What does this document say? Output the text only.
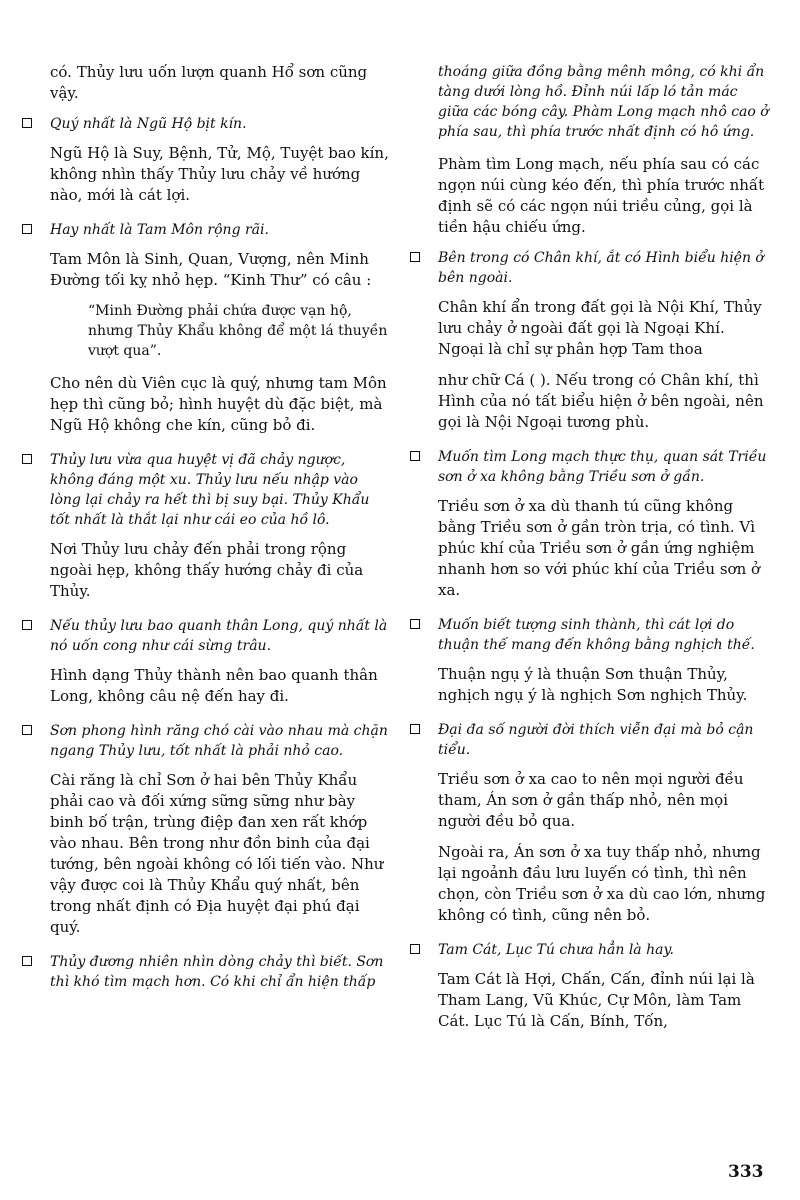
có. Thủy lưu uốn lượn quanh Hổ sơn cũng vậy.

Quý nhất là Ngũ Hộ bịt kín.

Ngũ Hộ là Suy, Bệnh, Tử, Mộ, Tuyệt bao kín, không nhìn thấy Thủy lưu chảy về hướng nào, mới là cát lợi.

Hay nhất là Tam Môn rộng rãi.

Tam Môn là Sinh, Quan, Vượng, nên Minh Đường tối kỵ nhỏ hẹp. “Kinh Thư” có câu :

“Minh Đường phải chứa được vạn hộ, nhưng Thủy Khẩu không để một lá thuyền vượt qua”.

Cho nên dù Viên cục là quý, nhưng tam Môn hẹp thì cũng bỏ; hình huyệt dù đặc biệt, mà Ngũ Hộ không che kín, cũng bỏ đi.

Thủy lưu vừa qua huyệt vị đã chảy ngược, không đáng một xu. Thủy lưu nếu nhập vào lòng lại chảy ra hết thì bị suy bại. Thủy Khẩu tốt nhất là thắt lại như cái eo của hồ lô.

Nơi Thủy lưu chảy đến phải trong rộng ngoài hẹp, không thấy hướng chảy đi của Thủy.

Nếu thủy lưu bao quanh thân Long, quý nhất là nó uốn cong như cái sừng trâu.

Hình dạng Thủy thành nên bao quanh thân Long, không câu nệ đến hay đi.

Sơn phong hình răng chó cài vào nhau mà chặn ngang Thủy lưu, tốt nhất là phải nhỏ cao.

Cài răng là chỉ Sơn ở hai bên Thủy Khẩu phải cao và đối xứng sững sững như bày binh bố trận, trùng điệp đan xen rất khớp vào nhau. Bên trong như đồn binh của đại tướng, bên ngoài không có lối tiến vào. Như vậy được coi là Thủy Khẩu quý nhất, bên trong nhất định có Địa huyệt đại phú đại quý.

Thủy đương nhiên nhìn dòng chảy thì biết. Sơn thì khó tìm mạch hơn. Có khi chỉ ẩn hiện thấp

thoáng giữa đồng bằng mênh mông, có khi ẩn tàng dưới lòng hồ. Đỉnh núi lấp ló tản mác giữa các bóng cây. Phàm Long mạch nhô cao ở phía sau, thì phía trước nhất định có hô ứng.

Phàm tìm Long mạch, nếu phía sau có các ngọn núi cùng kéo đến, thì phía trước nhất định sẽ có các ngọn núi triều củng, gọi là tiền hậu chiếu ứng.

Bên trong có Chân khí, ắt có Hình biểu hiện ở bên ngoài.

Chân khí ẩn trong đất gọi là Nội Khí, Thủy lưu chảy ở ngoài đất gọi là Ngoại Khí. Ngoại là chỉ sự phân hợp Tam thoa

như chữ Cá ( ). Nếu trong có Chân khí, thì Hình của nó tất biểu hiện ở bên ngoài, nên gọi là Nội Ngoại tương phù.

Muốn tìm Long mạch thực thụ, quan sát Triều sơn ở xa không bằng Triều sơn ở gần.

Triều sơn ở xa dù thanh tú cũng không bằng Triều sơn ở gần tròn trịa, có tình. Vì phúc khí của Triều sơn ở gần ứng nghiệm nhanh hơn so với phúc khí của Triều sơn ở xa.

Muốn biết tượng sinh thành, thì cát lợi do thuận thế mang đến không bằng nghịch thế.

Thuận ngụ ý là thuận Sơn thuận Thủy, nghịch ngụ ý là nghịch Sơn nghịch Thủy.

Đại đa số người đời thích viễn đại mà bỏ cận tiểu.

Triều sơn ở xa cao to nên mọi người đều tham, Án sơn ở gần thấp nhỏ, nên mọi người đều bỏ qua.

Ngoài ra, Án sơn ở xa tuy thấp nhỏ, nhưng lại ngoảnh đầu lưu luyến có tình, thì nên chọn, còn Triều sơn ở xa dù cao lớn, nhưng không có tình, cũng nên bỏ.

Tam Cát, Lục Tú chưa hẳn là hay.

Tam Cát là Hợi, Chấn, Cấn, đỉnh núi lại là Tham Lang, Vũ Khúc, Cự Môn, làm Tam Cát. Lục Tú là Cấn, Bính, Tốn,

333
